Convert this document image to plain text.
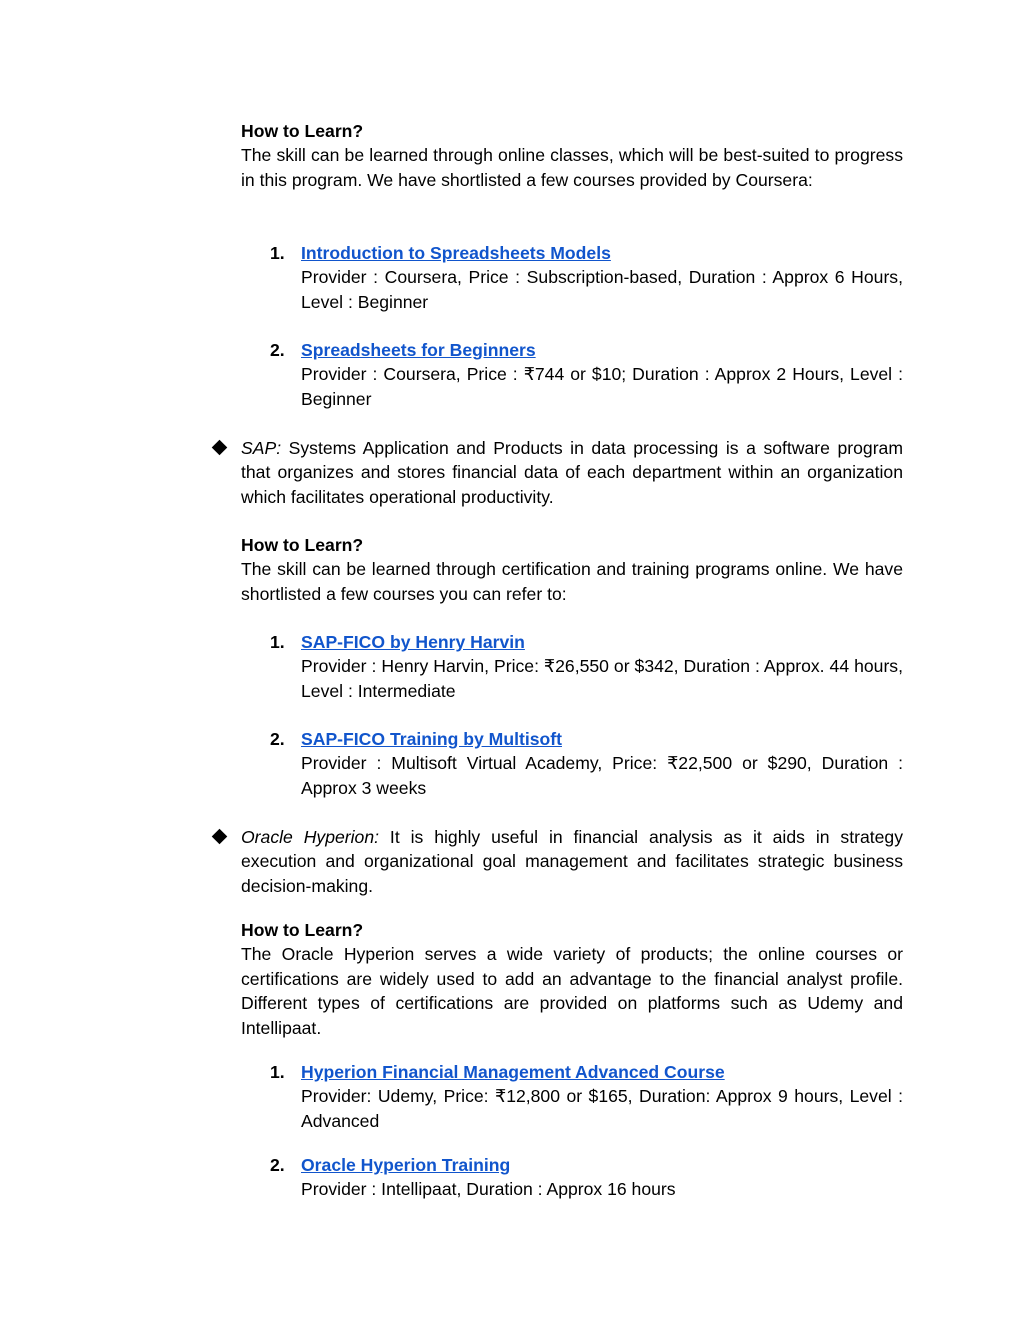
How to Learn?
The skill can be learned through online classes, which will be best-suited to progress in this program. We have shortlisted a few courses provided by Coursera:
1. Introduction to Spreadsheets Models
Provider : Coursera, Price : Subscription-based, Duration : Approx 6 Hours, Level : Beginner
2. Spreadsheets for Beginners
Provider : Coursera, Price : ₹744 or $10; Duration : Approx 2 Hours, Level : Beginner
SAP: Systems Application and Products in data processing is a software program that organizes and stores financial data of each department within an organization which facilitates operational productivity.
How to Learn?
The skill can be learned through certification and training programs online. We have shortlisted a few courses you can refer to:
1. SAP-FICO by Henry Harvin
Provider : Henry Harvin, Price: ₹26,550 or $342, Duration : Approx. 44 hours, Level : Intermediate
2. SAP-FICO Training by Multisoft
Provider : Multisoft Virtual Academy, Price: ₹22,500 or $290, Duration : Approx 3 weeks
Oracle Hyperion: It is highly useful in financial analysis as it aids in strategy execution and organizational goal management and facilitates strategic business decision-making.
How to Learn?
The Oracle Hyperion serves a wide variety of products; the online courses or certifications are widely used to add an advantage to the financial analyst profile. Different types of certifications are provided on platforms such as Udemy and Intellipaat.
1. Hyperion Financial Management Advanced Course
Provider: Udemy, Price: ₹12,800 or $165, Duration: Approx 9 hours, Level : Advanced
2. Oracle Hyperion Training
Provider : Intellipaat, Duration : Approx 16 hours
